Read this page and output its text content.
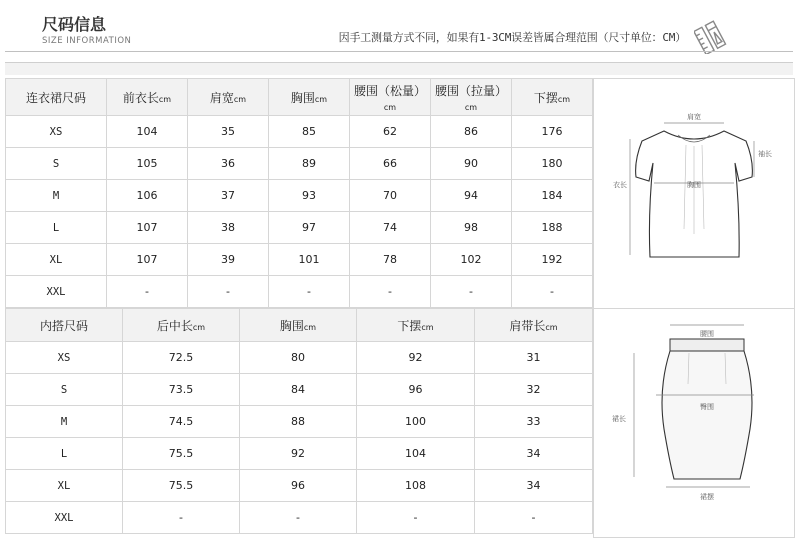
尺码信息
SIZE INFORMATION	因手工测量方式不同，如果有1-3CM误差皆属合理范围（尺寸单位：CM）
连衣裙尺码	前衣长cm	肩宽cm	胸围cm	腰围（松量）cm	腰围（拉量）cm	下摆cm
XS	104	35	85	62	86	176
S	105	36	89	66	90	180
M	106	37	93	70	94	184
L	107	38	97	74	98	188
XL	107	39	101	78	102	192
XXL	-	-	-	-	-	-
内搭尺码	后中长cm	胸围cm	下摆cm	肩带长cm
XS	72.5	80	92	31
S	73.5	84	96	32
M	74.5	88	100	33
L	75.5	92	104	34
XL	75.5	96	108	34
XXL	-	-	-	-
肩宽
袖长
衣长	胸围
腰围
臀围
裙长
裙摆
